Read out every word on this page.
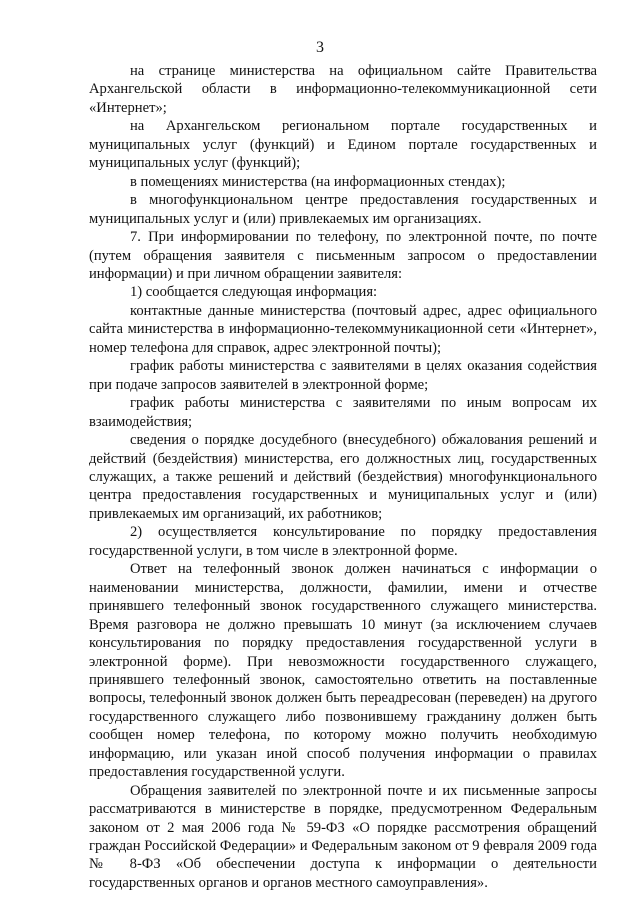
3

на странице министерства на официальном сайте Правительства Архангельской области в информационно-телекоммуникационной сети «Интернет»;

на Архангельском региональном портале государственных и муниципальных услуг (функций) и Едином портале государственных и муниципальных услуг (функций);

в помещениях министерства (на информационных стендах);

в многофункциональном центре предоставления государственных и муниципальных услуг и (или) привлекаемых им организациях.

7. При информировании по телефону, по электронной почте, по почте (путем обращения заявителя с письменным запросом о предоставлении информации) и при личном обращении заявителя:

1) сообщается следующая информация:

контактные данные министерства (почтовый адрес, адрес официального сайта министерства в информационно-телекоммуникационной сети «Интернет», номер телефона для справок, адрес электронной почты);

график работы министерства с заявителями в целях оказания содействия при подаче запросов заявителей в электронной форме;

график работы министерства с заявителями по иным вопросам их взаимодействия;

сведения о порядке досудебного (внесудебного) обжалования решений и действий (бездействия) министерства, его должностных лиц, государственных служащих, а также решений и действий (бездействия) многофункционального центра предоставления государственных и муниципальных услуг и (или) привлекаемых им организаций, их работников;

2) осуществляется консультирование по порядку предоставления государственной услуги, в том числе в электронной форме.

Ответ на телефонный звонок должен начинаться с информации о наименовании министерства, должности, фамилии, имени и отчестве принявшего телефонный звонок государственного служащего министерства. Время разговора не должно превышать 10 минут (за исключением случаев консультирования по порядку предоставления государственной услуги в электронной форме). При невозможности государственного служащего, принявшего телефонный звонок, самостоятельно ответить на поставленные вопросы, телефонный звонок должен быть переадресован (переведен) на другого государственного служащего либо позвонившему гражданину должен быть сообщен номер телефона, по которому можно получить необходимую информацию, или указан иной способ получения информации о правилах предоставления государственной услуги.

Обращения заявителей по электронной почте и их письменные запросы рассматриваются в министерстве в порядке, предусмотренном Федеральным законом от 2 мая 2006 года № 59-ФЗ «О порядке рассмотрения обращений граждан Российской Федерации» и Федеральным законом от 9 февраля 2009 года № 8-ФЗ «Об обеспечении доступа к информации о деятельности государственных органов и органов местного самоуправления».
